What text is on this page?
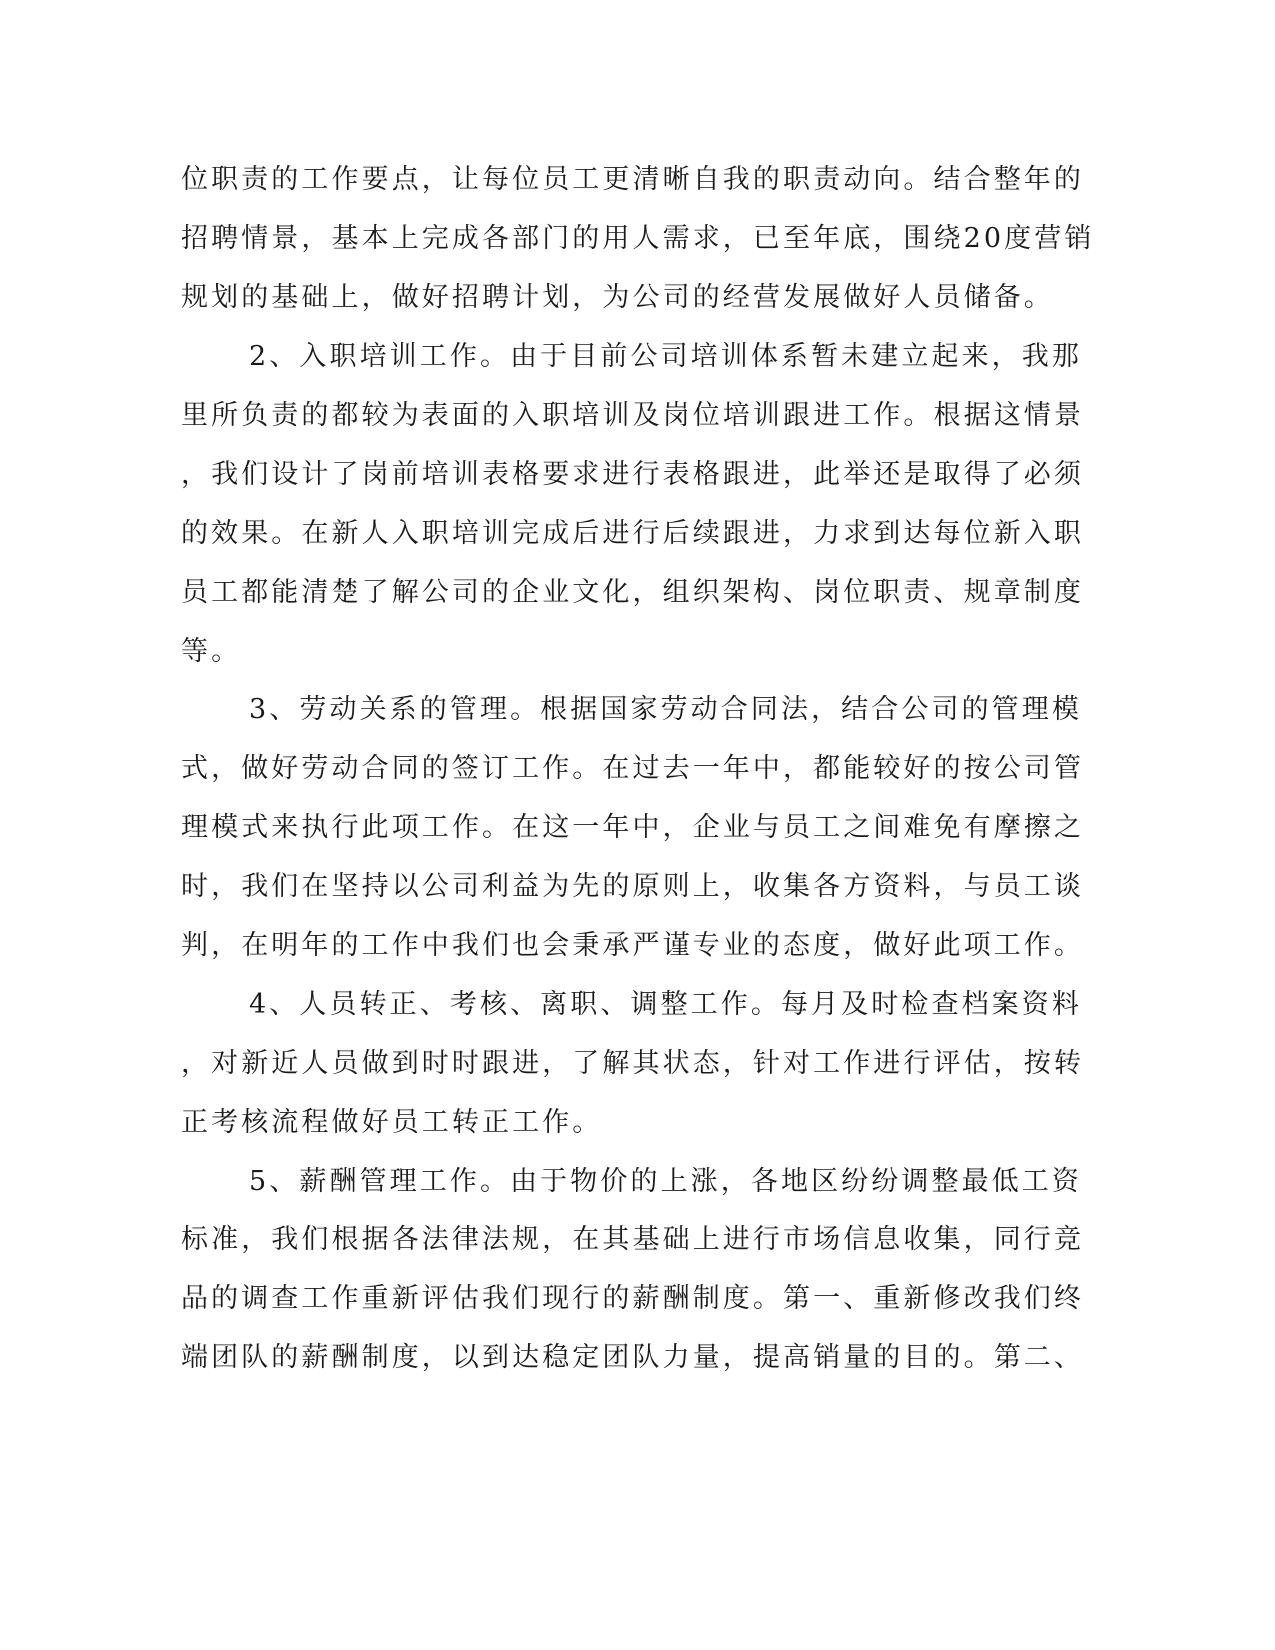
位职责的工作要点，让每位员工更清晰自我的职责动向。结合整年的

招聘情景，基本上完成各部门的用人需求，已至年底，围绕20度营销

规划的基础上，做好招聘计划，为公司的经营发展做好人员储备。

2、入职培训工作。由于目前公司培训体系暂未建立起来，我那

里所负责的都较为表面的入职培训及岗位培训跟进工作。根据这情景

，我们设计了岗前培训表格要求进行表格跟进，此举还是取得了必须

的效果。在新人入职培训完成后进行后续跟进，力求到达每位新入职

员工都能清楚了解公司的企业文化，组织架构、岗位职责、规章制度

等。

3、劳动关系的管理。根据国家劳动合同法，结合公司的管理模

式，做好劳动合同的签订工作。在过去一年中，都能较好的按公司管

理模式来执行此项工作。在这一年中，企业与员工之间难免有摩擦之

时，我们在坚持以公司利益为先的原则上，收集各方资料，与员工谈

判，在明年的工作中我们也会秉承严谨专业的态度，做好此项工作。

4、人员转正、考核、离职、调整工作。每月及时检查档案资料

，对新近人员做到时时跟进，了解其状态，针对工作进行评估，按转

正考核流程做好员工转正工作。

5、薪酬管理工作。由于物价的上涨，各地区纷纷调整最低工资

标准，我们根据各法律法规，在其基础上进行市场信息收集，同行竞

品的调查工作重新评估我们现行的薪酬制度。第一、重新修改我们终

端团队的薪酬制度，以到达稳定团队力量，提高销量的目的。第二、
